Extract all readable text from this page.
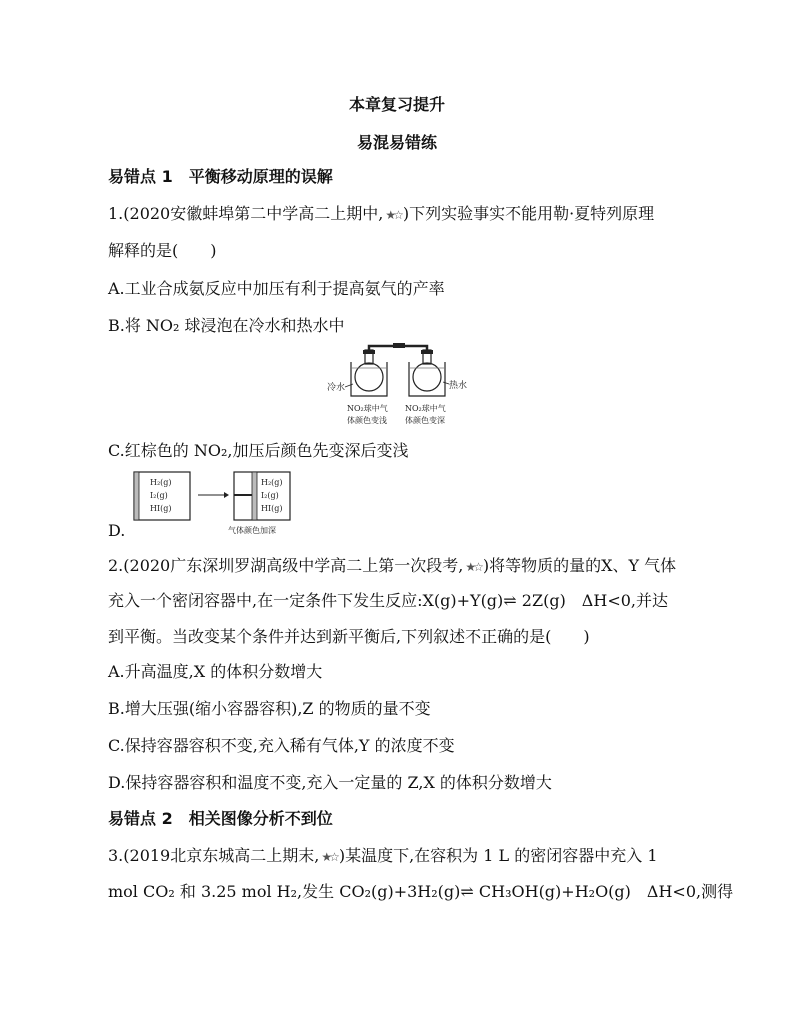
本章复习提升
易混易错练
易错点 1　平衡移动原理的误解
1.(2020安徽蚌埠第二中学高二上期中, ★☆ )下列实验事实不能用勒·夏特列原理
解释的是(　　)
A.工业合成氨反应中加压有利于提高氨气的产率
B.将 NO₂ 球浸泡在冷水和热水中
冷水	热水
NO₂球中气
体颜色变浅
NO₂球中气
体颜色变深
C.红棕色的 NO₂,加压后颜色先变深后变浅
D.
H₂(g)
I₂(g)
HI(g)
H₂(g)
I₂(g)
HI(g)
气体颜色加深
2.(2020广东深圳罗湖高级中学高二上第一次段考, ★☆ )将等物质的量的X、Y 气体
充入一个密闭容器中,在一定条件下发生反应:X(g)+Y(g)⇌ 2Z(g)　ΔH<0,并达
到平衡。当改变某个条件并达到新平衡后,下列叙述不正确的是(　　)
A.升高温度,X 的体积分数增大
B.增大压强(缩小容器容积),Z 的物质的量不变
C.保持容器容积不变,充入稀有气体,Y 的浓度不变
D.保持容器容积和温度不变,充入一定量的 Z,X 的体积分数增大
易错点 2　相关图像分析不到位
3.(2019北京东城高二上期末, ★☆ )某温度下,在容积为 1 L 的密闭容器中充入 1
mol CO₂ 和 3.25 mol H₂,发生 CO₂(g)+3H₂(g)⇌ CH₃OH(g)+H₂O(g)　ΔH<0,测得
